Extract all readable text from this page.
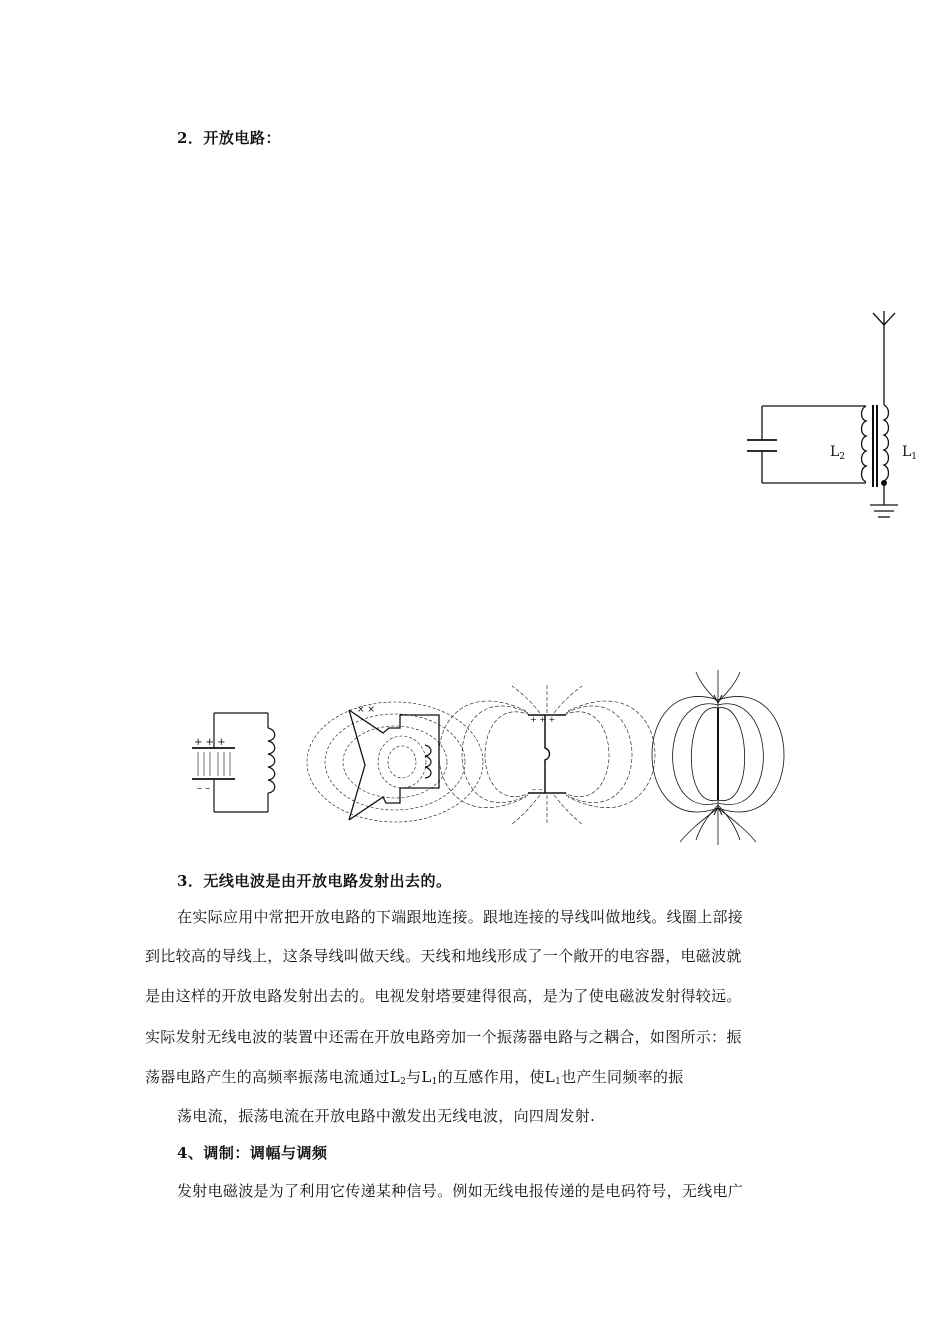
2．开放电路：
$L_2$	$L_1$
+ + +
– –
× ×
+ + +
– –
3．无线电波是由开放电路发射出去的。
在实际应用中常把开放电路的下端跟地连接。跟地连接的导线叫做地线。线圈上部接
到比较高的导线上，这条导线叫做天线。天线和地线形成了一个敞开的电容器，电磁波就
是由这样的开放电路发射出去的。电视发射塔要建得很高，是为了使电磁波发射得较远。
实际发射无线电波的装置中还需在开放电路旁加一个振荡器电路与之耦合，如图所示：振
荡器电路产生的高频率振荡电流通过$L_2$与$L_1$的互感作用，使$L_1$也产生同频率的振
荡电流，振荡电流在开放电路中激发出无线电波，向四周发射.
4、调制：调幅与调频
发射电磁波是为了利用它传递某种信号。例如无线电报传递的是电码符号，无线电广
